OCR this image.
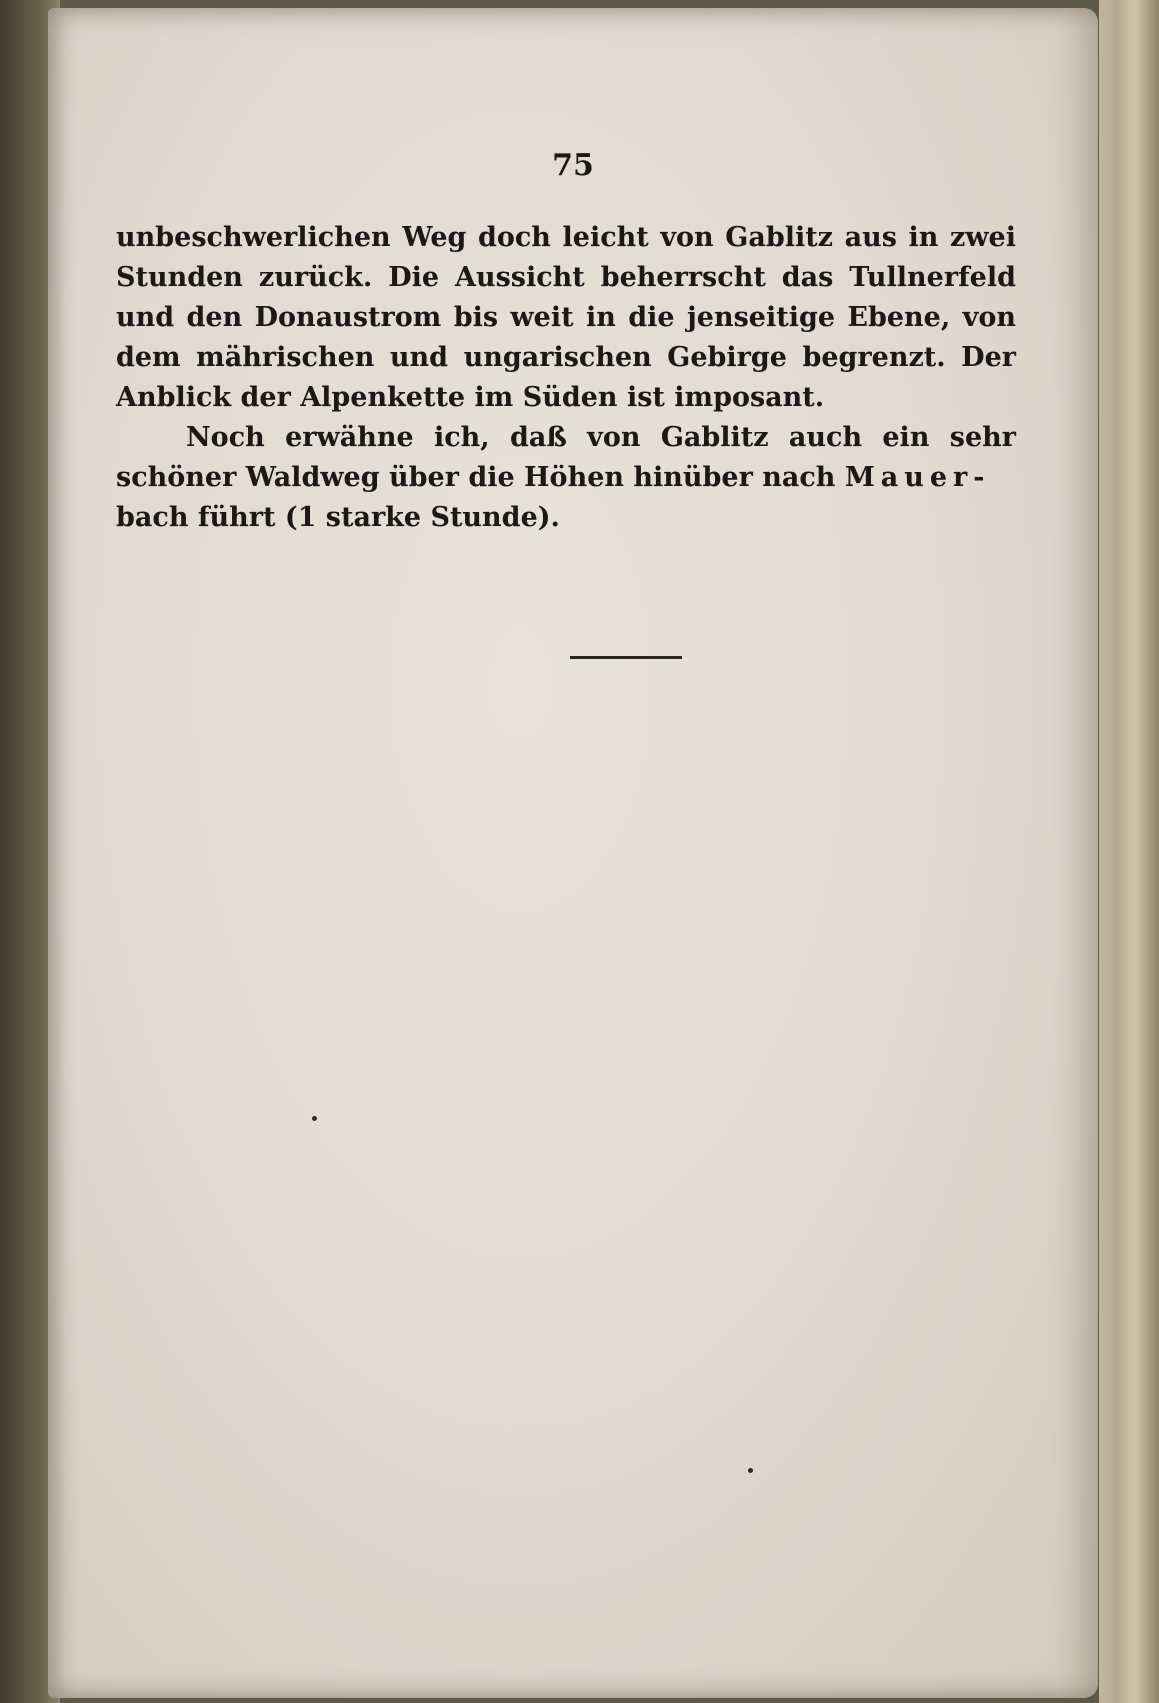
75

unbeschwerlichen Weg doch leicht von Gablitz aus in zwei Stunden zurück. Die Aussicht beherrscht das Tullnerfeld und den Donaustrom bis weit in die jenseitige Ebene, von dem mährischen und ungarischen Gebirge begrenzt. Der Anblick der Alpenkette im Süden ist imposant.

Noch erwähne ich, daß von Gablitz auch ein sehr schöner Waldweg über die Höhen hinüber nach Mauer-
bach führt (1 starke Stunde).
